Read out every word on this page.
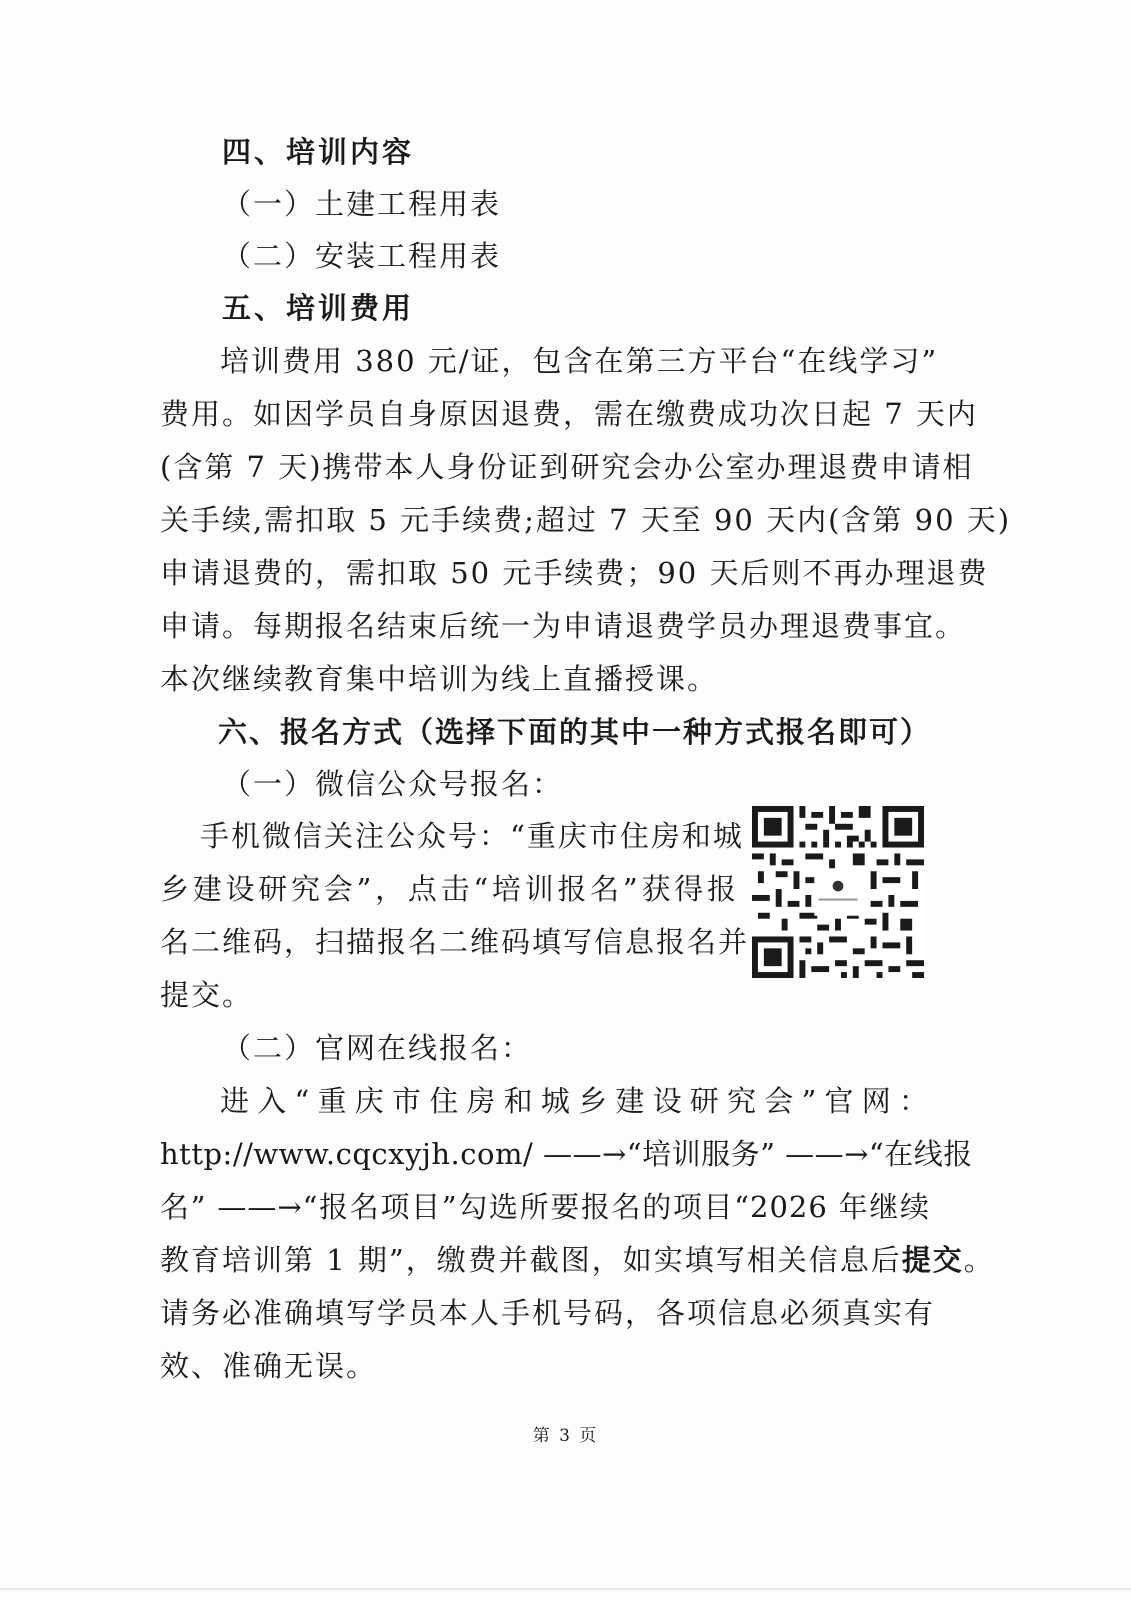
四、培训内容
（一）土建工程用表
（二）安装工程用表
五、培训费用
培训费用 380 元/证，包含在第三方平台“在线学习”
费用。如因学员自身原因退费，需在缴费成功次日起 7 天内
(含第 7 天)携带本人身份证到研究会办公室办理退费申请相
关手续,需扣取 5 元手续费;超过 7 天至 90 天内(含第 90 天)
申请退费的，需扣取 50 元手续费；90 天后则不再办理退费
申请。每期报名结束后统一为申请退费学员办理退费事宜。
本次继续教育集中培训为线上直播授课。
六、报名方式（选择下面的其中一种方式报名即可）
（一）微信公众号报名：
手机微信关注公众号：“重庆市住房和城
乡建设研究会”，点击“培训报名”获得报
名二维码，扫描报名二维码填写信息报名并
提交。
（二）官网在线报名：
进入“重庆市住房和城乡建设研究会”官网：
http://www.cqcxyjh.com/ ——→“培训服务” ——→“在线报
名” ——→“报名项目”勾选所要报名的项目“2026 年继续
教育培训第 1 期”，缴费并截图，如实填写相关信息后提交。
请务必准确填写学员本人手机号码，各项信息必须真实有
效、准确无误。
第 3 页
